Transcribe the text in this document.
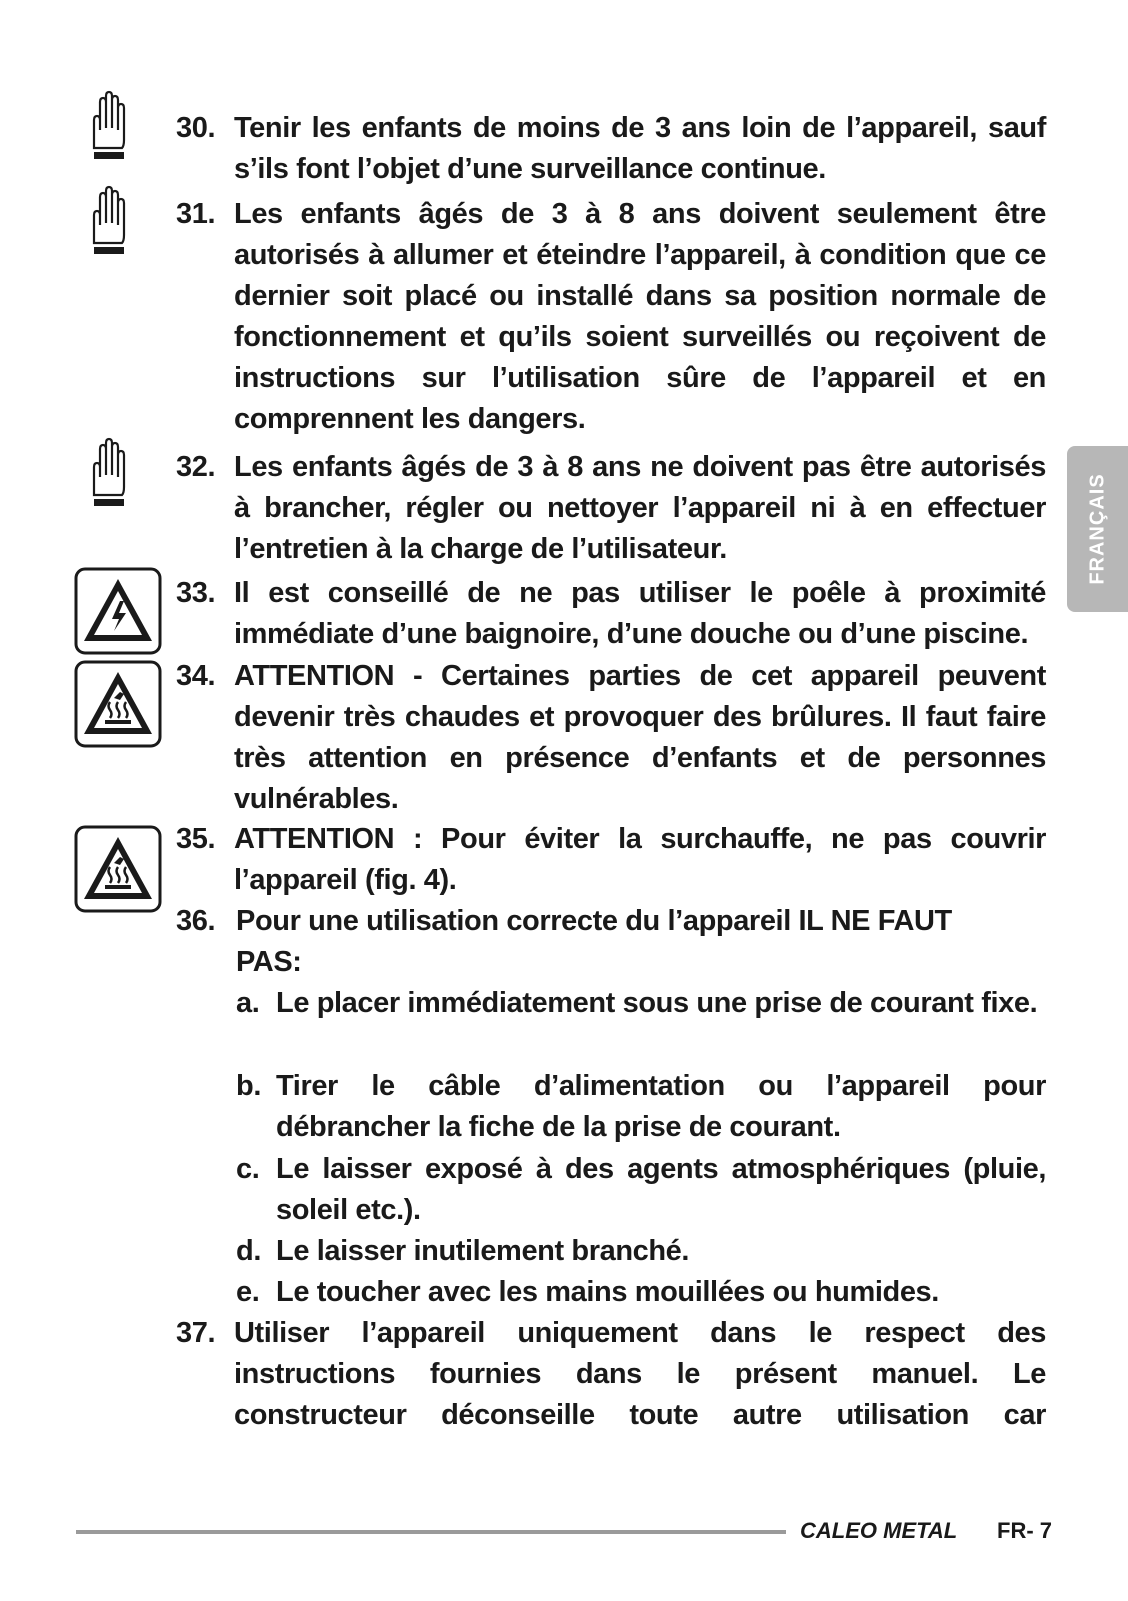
30. Tenir les enfants de moins de 3 ans loin de l’appareil, sauf s’ils font l’objet d’une surveillance continue.
31. Les enfants âgés de 3 à 8 ans doivent seulement être autorisés à allumer et éteindre l’appareil, à condition que ce dernier soit placé ou installé dans sa position normale de fonctionnement et qu’ils soient surveillés ou reçoivent de instructions sur l’utilisation sûre de l’appareil et en comprennent les dangers.
32. Les enfants âgés de 3 à 8 ans ne doivent pas être autorisés à brancher, régler ou nettoyer l’appareil ni à en effectuer l’entretien à la charge de l’utilisateur.
33. Il est conseillé de ne pas utiliser le poêle à proximité immédiate d’une baignoire, d’une douche ou d’une piscine.
34. ATTENTION - Certaines parties de cet appareil peuvent devenir très chaudes et provoquer des brûlures. Il faut faire très attention en présence d’enfants et de personnes vulnérables.
35. ATTENTION : Pour éviter la surchauffe, ne pas couvrir l’appareil (fig. 4).
36. Pour une utilisation correcte du l’appareil IL NE FAUT PAS:
a. Le placer immédiatement sous une prise de courant fixe.
b. Tirer le câble d’alimentation ou l’appareil pour débrancher la fiche de la prise de courant.
c. Le laisser exposé à des agents atmosphériques (pluie, soleil etc.).
d. Le laisser inutilement branché.
e. Le toucher avec les mains mouillées ou humides.
37. Utiliser l’appareil uniquement dans le respect des instructions fournies dans le présent manuel. Le constructeur déconseille toute autre utilisation car
FRANÇAIS
CALEO METAL FR- 7
